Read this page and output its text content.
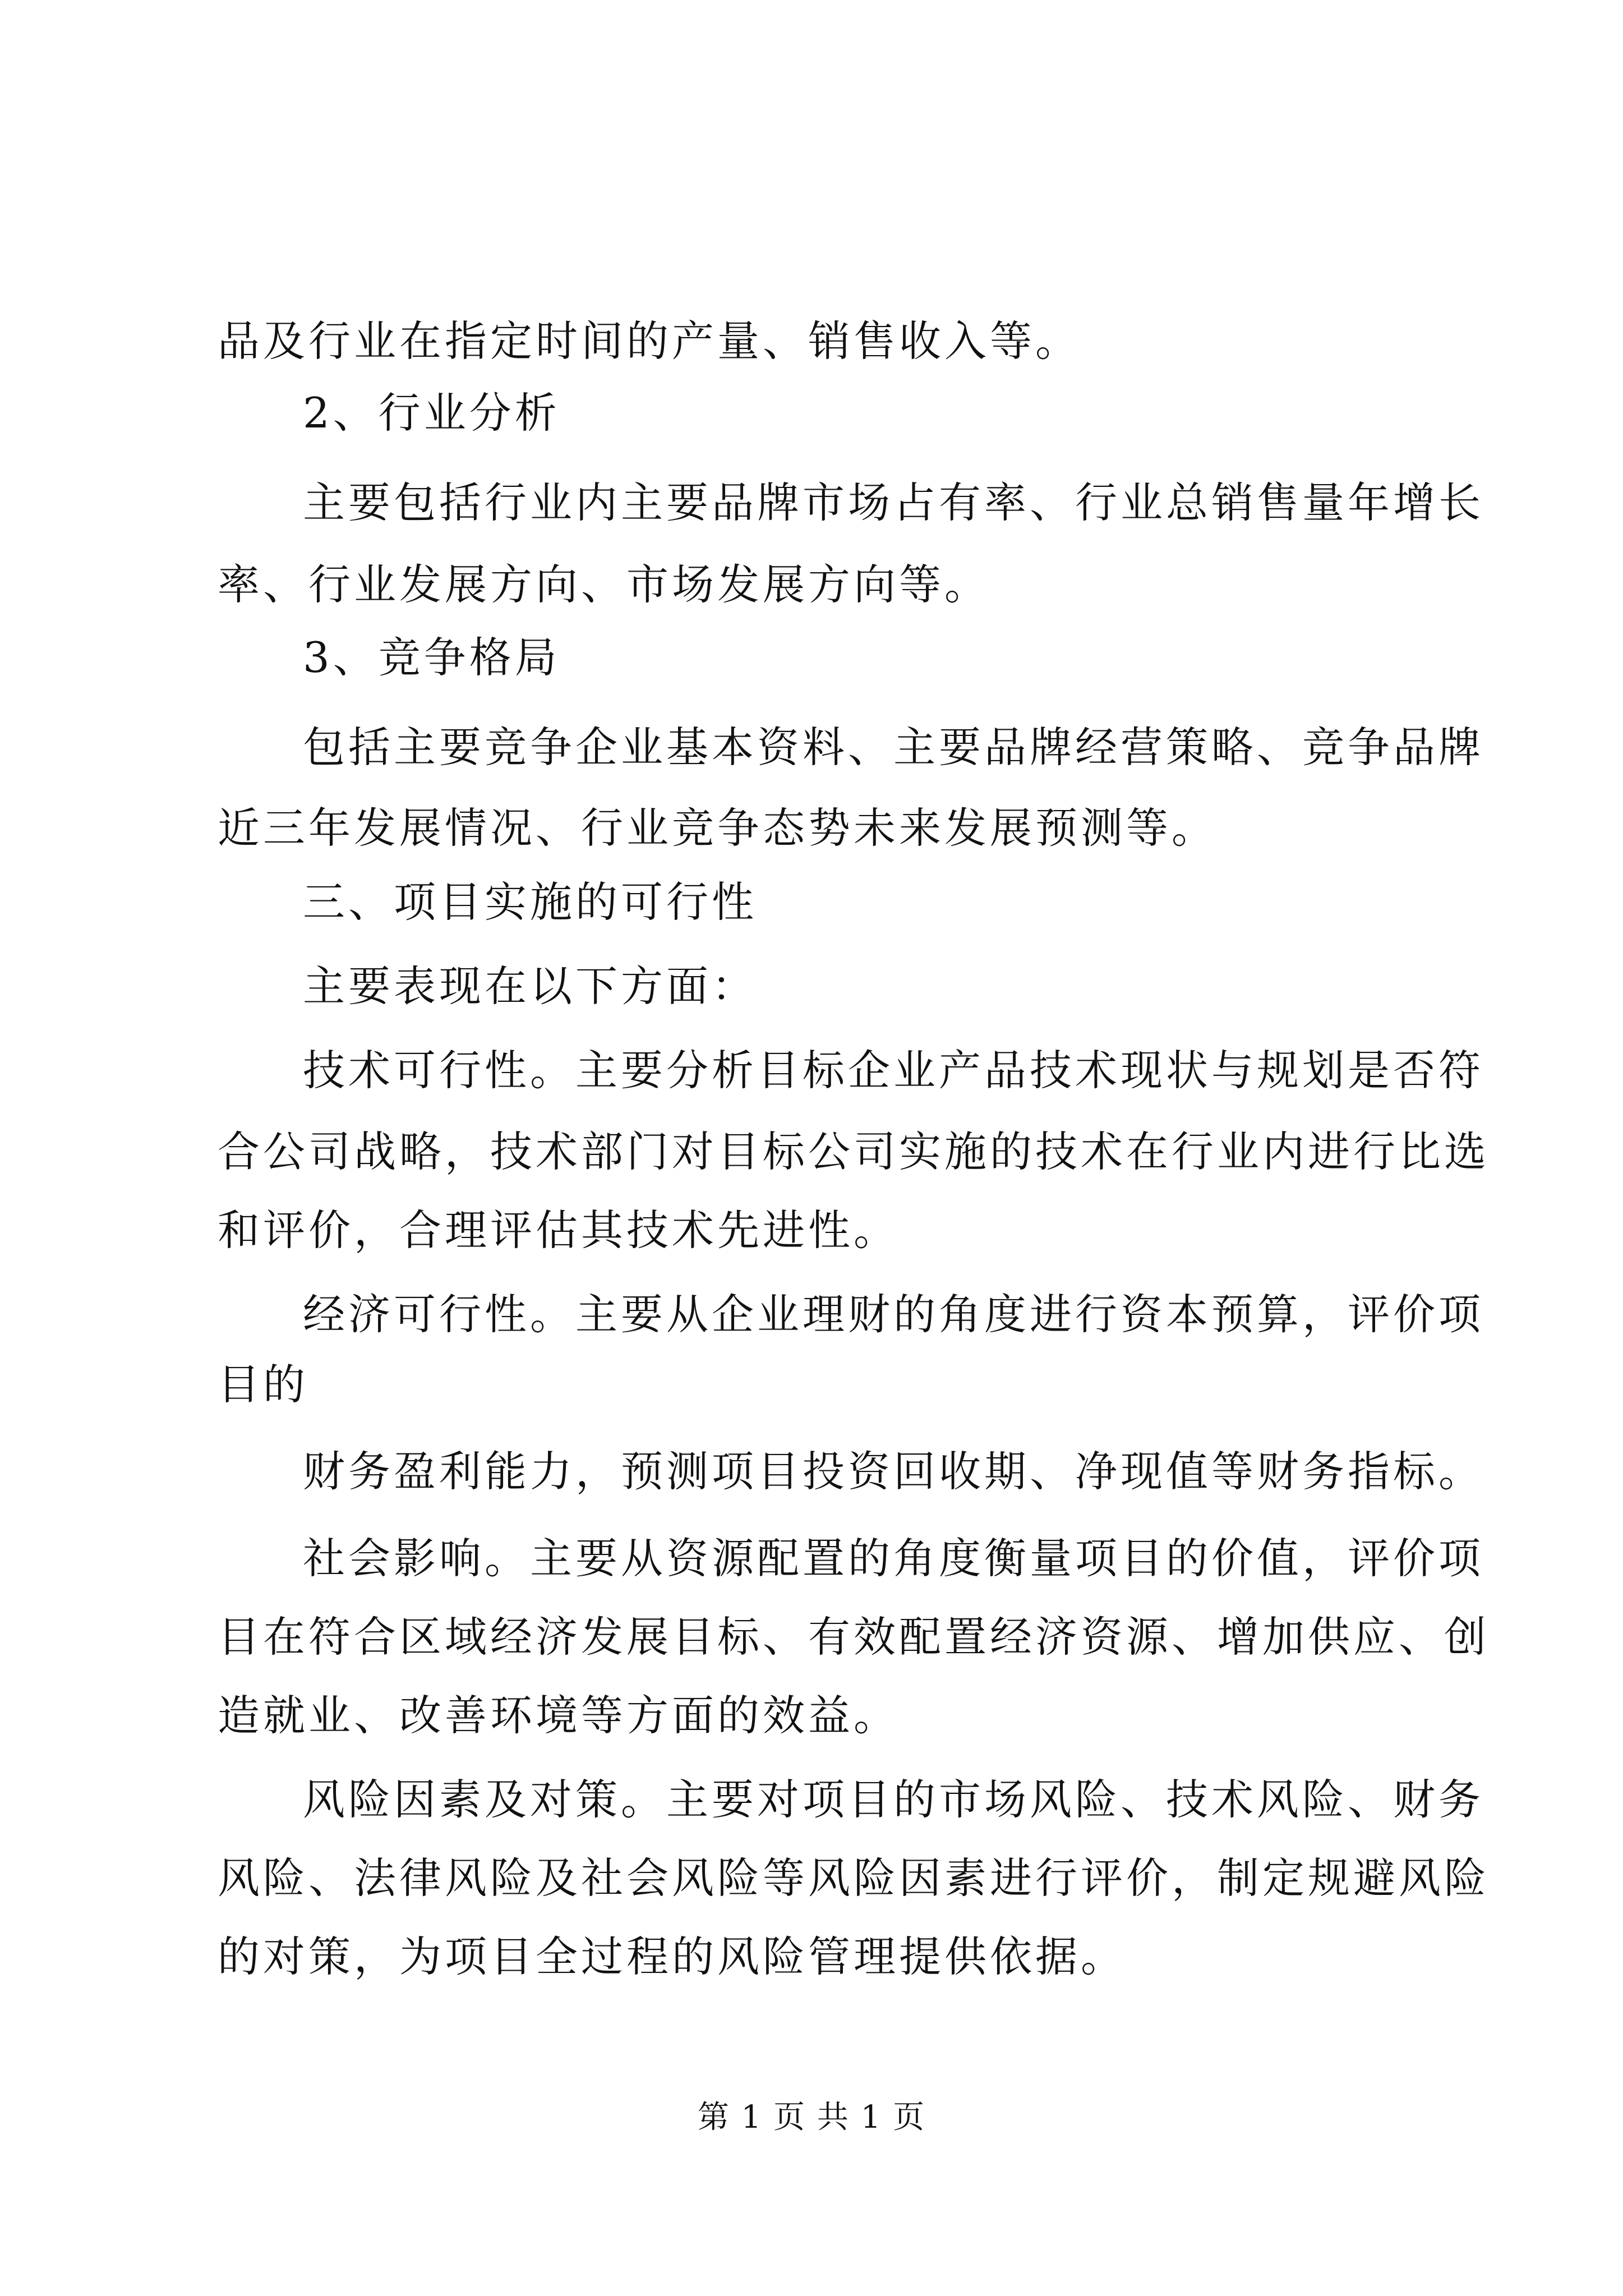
品及行业在指定时间的产量、销售收入等。

2、行业分析

主要包括行业内主要品牌市场占有率、行业总销售量年增长

率、行业发展方向、市场发展方向等。

3、竞争格局

包括主要竞争企业基本资料、主要品牌经营策略、竞争品牌

近三年发展情况、行业竞争态势未来发展预测等。

三、项目实施的可行性

主要表现在以下方面：

技术可行性。主要分析目标企业产品技术现状与规划是否符

合公司战略，技术部门对目标公司实施的技术在行业内进行比选

和评价，合理评估其技术先进性。

经济可行性。主要从企业理财的角度进行资本预算，评价项

目的

财务盈利能力，预测项目投资回收期、净现值等财务指标。

社会影响。主要从资源配置的角度衡量项目的价值，评价项

目在符合区域经济发展目标、有效配置经济资源、增加供应、创

造就业、改善环境等方面的效益。

风险因素及对策。主要对项目的市场风险、技术风险、财务

风险、法律风险及社会风险等风险因素进行评价，制定规避风险

的对策，为项目全过程的风险管理提供依据。

第 1 页 共 1 页
